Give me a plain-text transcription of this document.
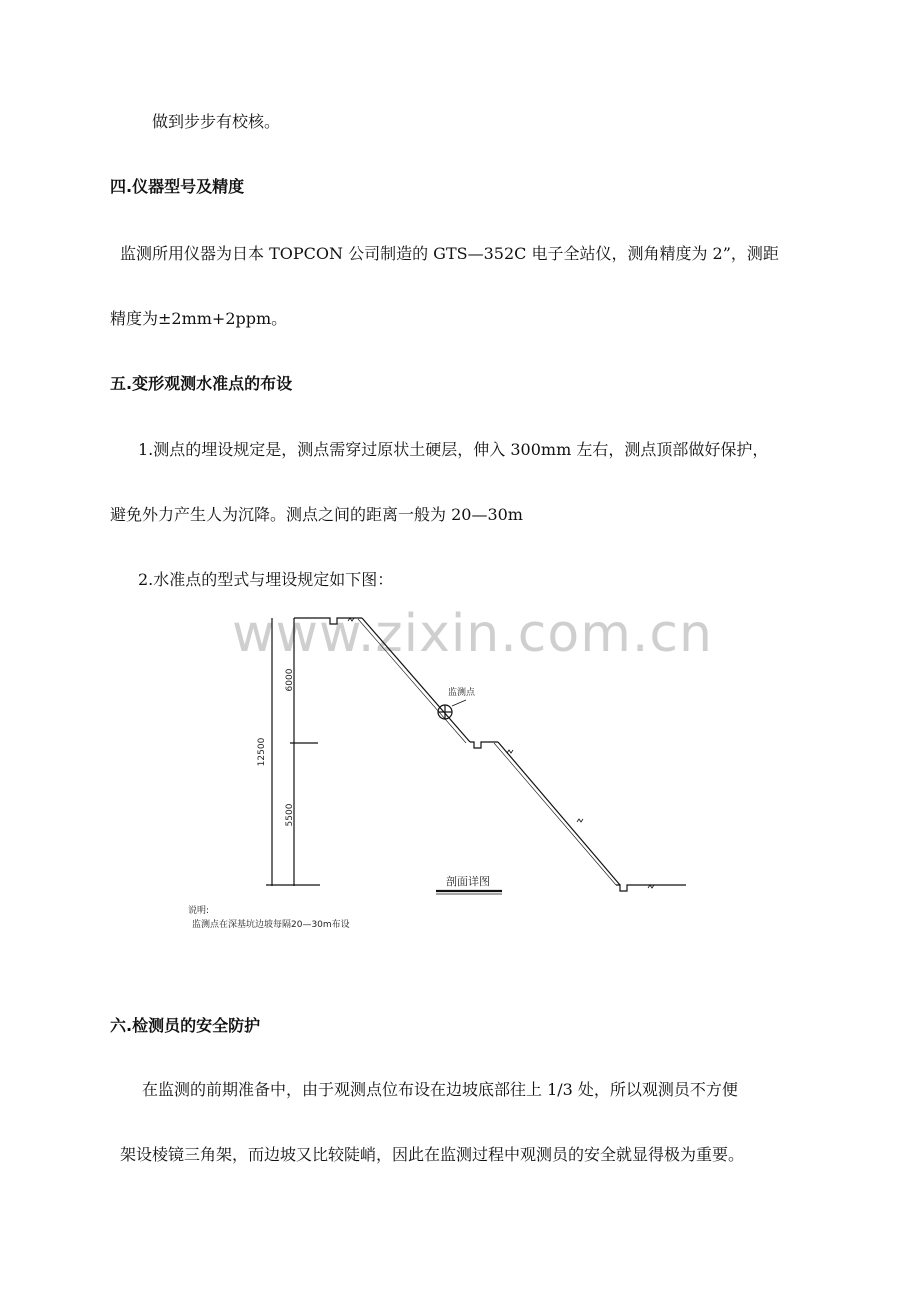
做到步步有校核。
四.仪器型号及精度
监测所用仪器为日本 TOPCON 公司制造的 GTS—352C 电子全站仪，测角精度为 2”，测距
精度为±2mm+2ppm。
五.变形观测水准点的布设
1.测点的埋设规定是，测点需穿过原状土硬层，伸入 300mm 左右，测点顶部做好保护，
避免外力产生人为沉降。测点之间的距离一般为 20—30m
2.水准点的型式与埋设规定如下图：
www.zixin.com.cn
12500
6000
5500
监测点
剖面详图
说明:
监测点在深基坑边坡每隔20—30m布设
六.检测员的安全防护
在监测的前期准备中，由于观测点位布设在边坡底部往上 1/3 处，所以观测员不方便
架设棱镜三角架，而边坡又比较陡峭，因此在监测过程中观测员的安全就显得极为重要。
